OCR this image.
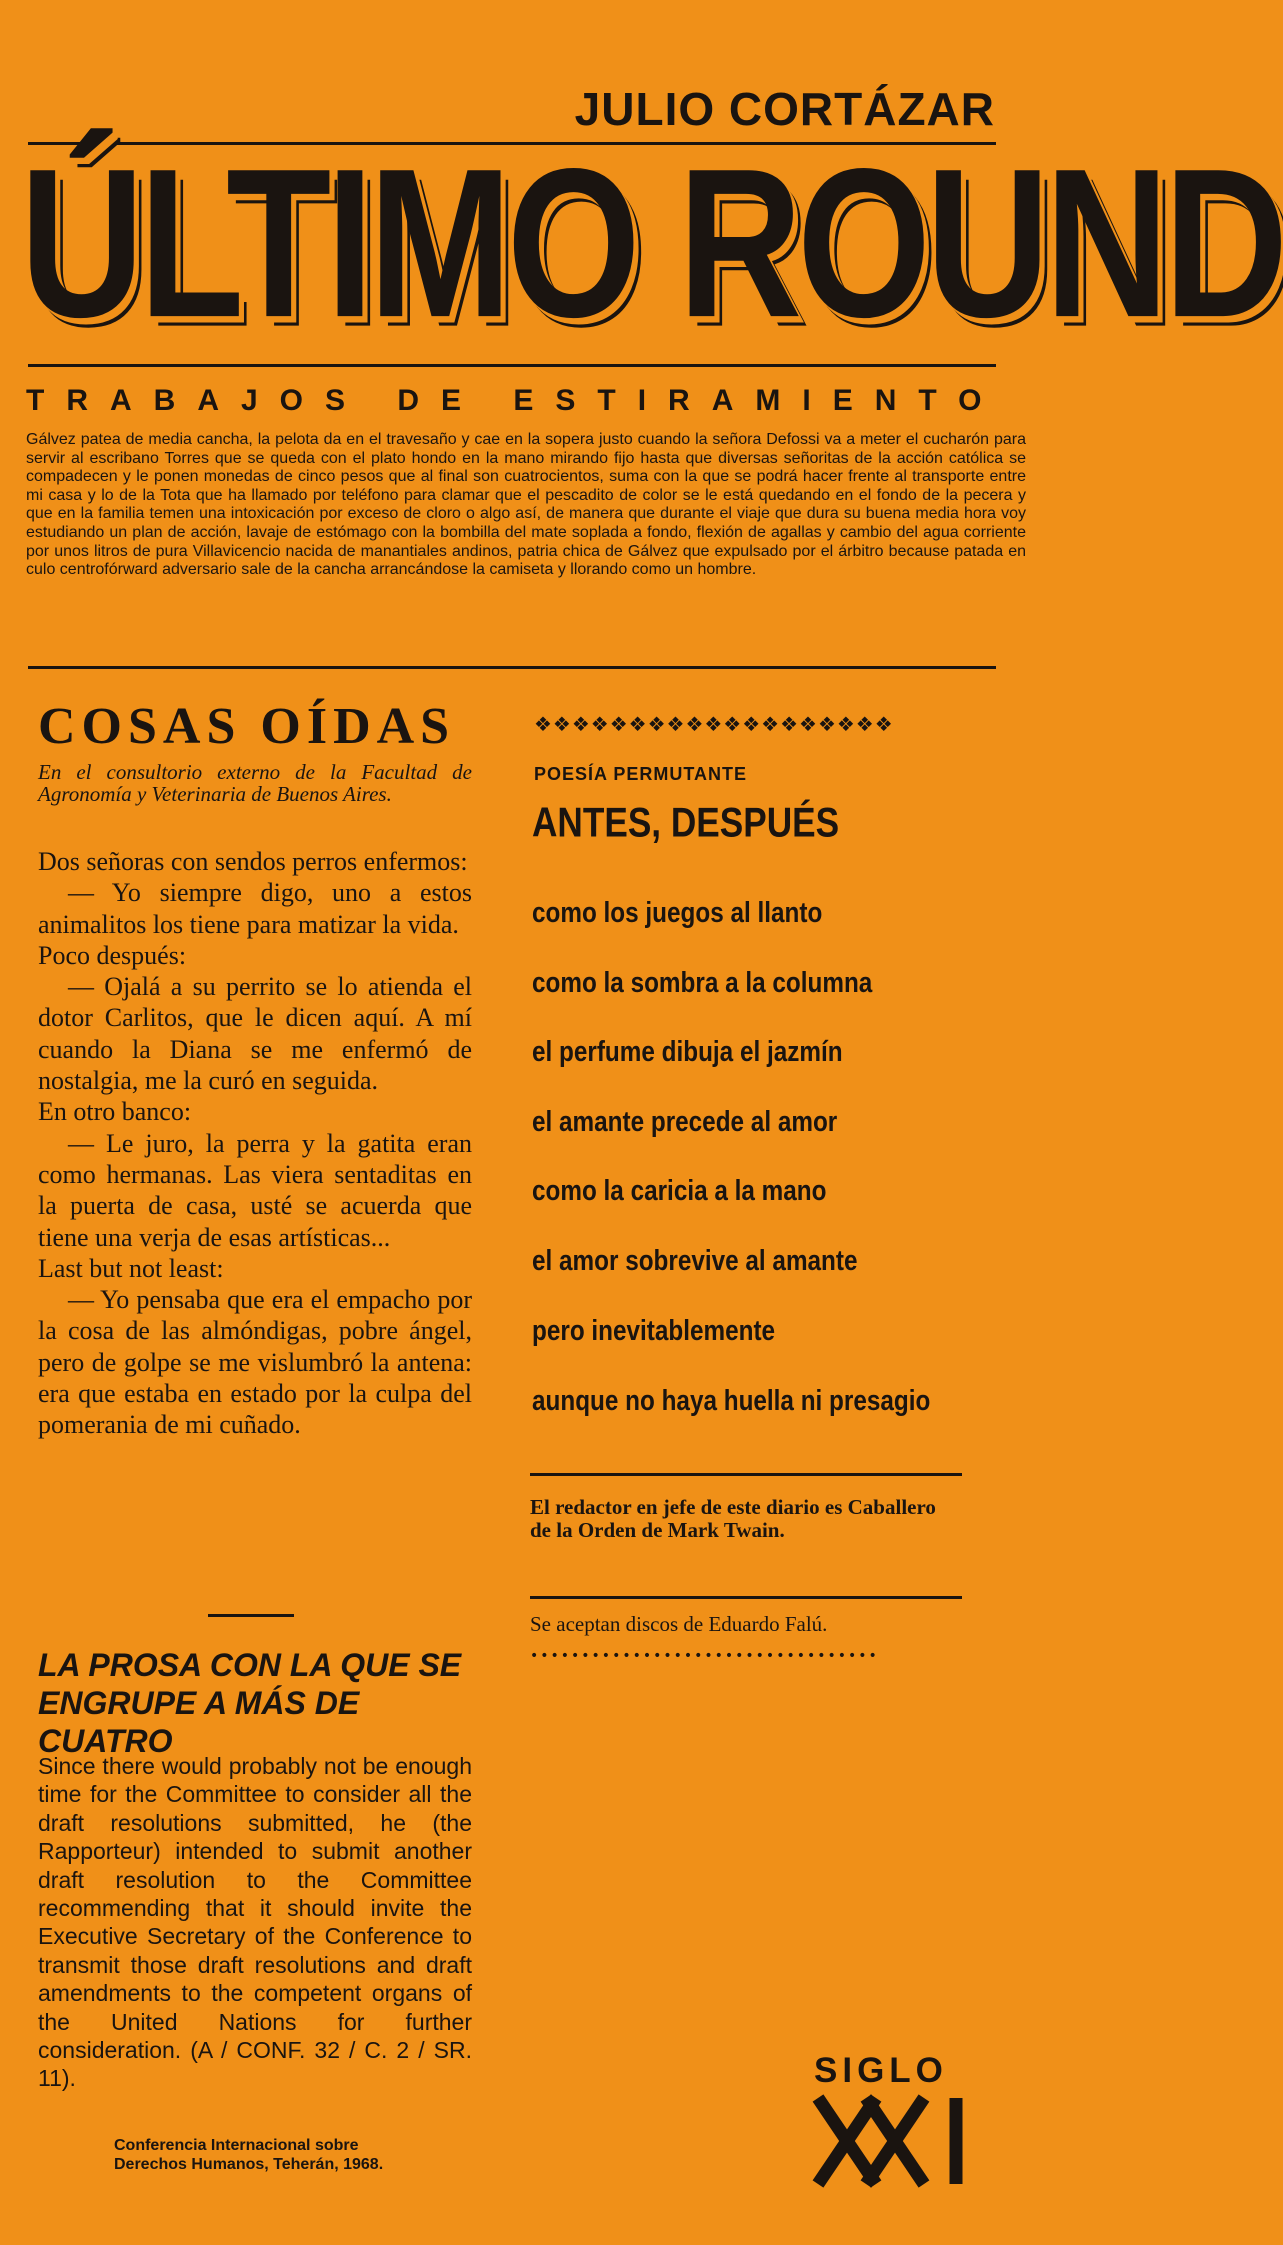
JULIO CORTÁZAR
ÚLTIMO ROUND
TRABAJOS DE ESTIRAMIENTO
Gálvez patea de media cancha, la pelota da en el travesaño y cae en la sopera justo cuando la señora Defossi va a meter el cucharón para servir al escribano Torres que se queda con el plato hondo en la mano mirando fijo hasta que diversas señoritas de la acción católica se compadecen y le ponen monedas de cinco pesos que al final son cuatrocientos, suma con la que se podrá hacer frente al transporte entre mi casa y lo de la Tota que ha llamado por teléfono para clamar que el pescadito de color se le está quedando en el fondo de la pecera y que en la familia temen una intoxicación por exceso de cloro o algo así, de manera que durante el viaje que dura su buena media hora voy estudiando un plan de acción, lavaje de estómago con la bombilla del mate soplada a fondo, flexión de agallas y cambio del agua corriente por unos litros de pura Villavicencio nacida de manantiales andinos, patria chica de Gálvez que expulsado por el árbitro because patada en culo centrofórward adversario sale de la cancha arrancándose la camiseta y llorando como un hombre.
COSAS OÍDAS
En el consultorio externo de la Facultad de Agronomía y Veterinaria de Buenos Aires.

Dos señoras con sendos perros enfermos:

— Yo siempre digo, uno a estos animalitos los tiene para matizar la vida.

Poco después:

— Ojalá a su perrito se lo atienda el dotor Carlitos, que le dicen aquí. A mí cuando la Diana se me enfermó de nostalgia, me la curó en seguida.

En otro banco:

— Le juro, la perra y la gatita eran como hermanas. Las viera sentaditas en la puerta de casa, usté se acuerda que tiene una verja de esas artísticas...

Last but not least:

— Yo pensaba que era el empacho por la cosa de las almóndigas, pobre ángel, pero de golpe se me vislumbró la antena: era que estaba en estado por la culpa del pomerania de mi cuñado.

LA PROSA CON LA QUE SE ENGRUPE A MÁS DE CUATRO
Since there would probably not be enough time for the Committee to consider all the draft resolutions submitted, he (the Rapporteur) intended to submit another draft resolution to the Committee recommending that it should invite the Executive Secretary of the Conference to transmit those draft resolutions and draft amendments to the competent organs of the United Nations for further consideration. (A / CONF. 32 / C. 2 / SR. 11).
Conferencia Internacional sobre
Derechos Humanos, Teherán, 1968.
❖❖❖❖❖❖❖❖❖❖❖❖❖❖❖❖❖❖❖
POESÍA PERMUTANTE
ANTES, DESPUÉS
como los juegos al llanto
como la sombra a la columna
el perfume dibuja el jazmín
el amante precede al amor
como la caricia a la mano
el amor sobrevive al amante
pero inevitablemente
aunque no haya huella ni presagio
El redactor en jefe de este diario es Caballero de la Orden de Mark Twain.
Se aceptan discos de Eduardo Falú.
••••••••••••••••••••••••••••••••••
SIGLO
XXI
